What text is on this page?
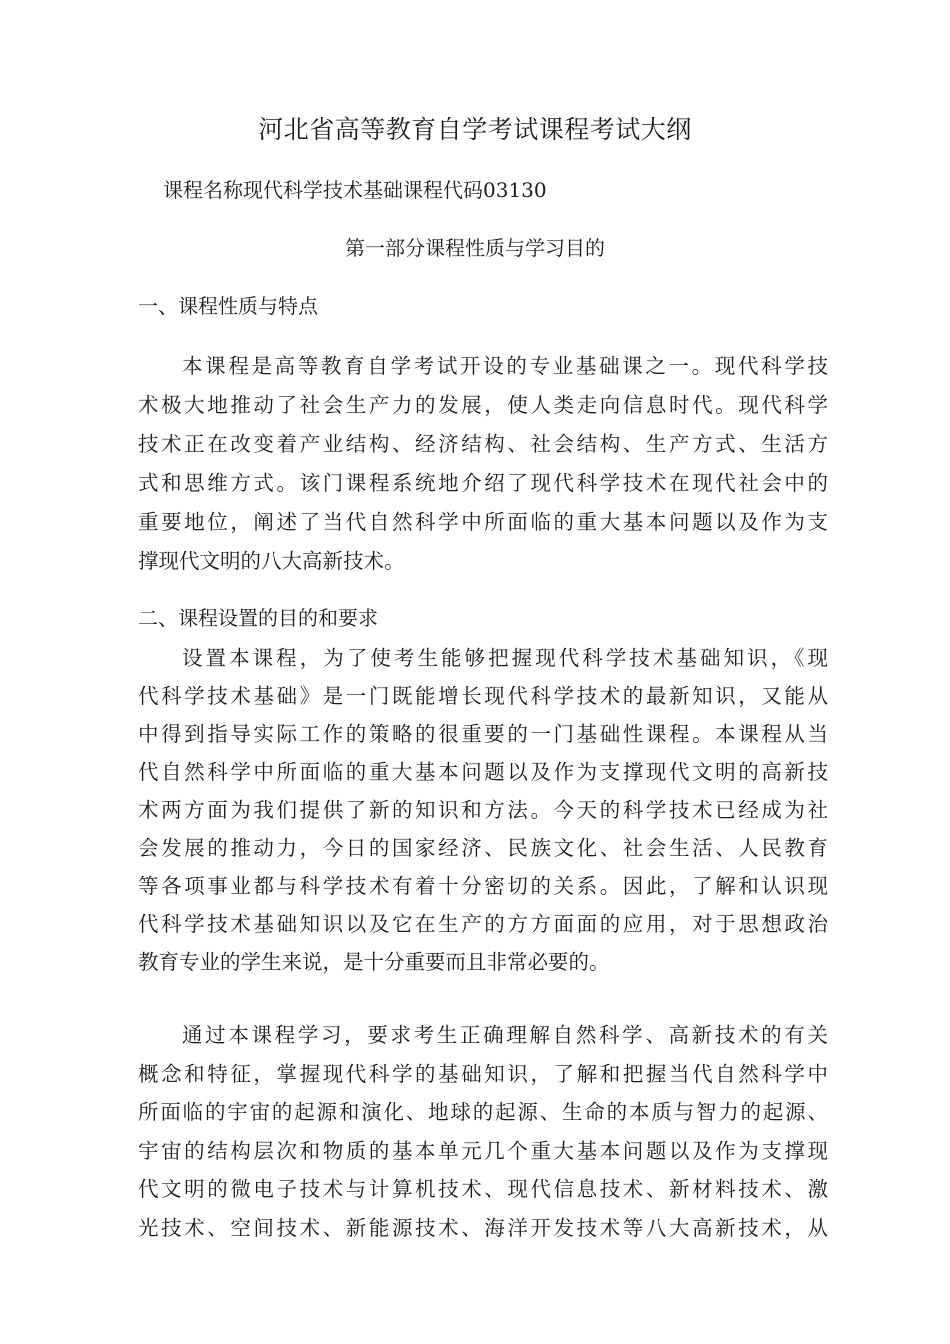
河北省高等教育自学考试课程考试大纲
课程名称现代科学技术基础课程代码03130
第一部分课程性质与学习目的
一、课程性质与特点
本课程是高等教育自学考试开设的专业基础课之一。现代科学技
术极大地推动了社会生产力的发展，使人类走向信息时代。现代科学
技术正在改变着产业结构、经济结构、社会结构、生产方式、生活方
式和思维方式。该门课程系统地介绍了现代科学技术在现代社会中的
重要地位，阐述了当代自然科学中所面临的重大基本问题以及作为支
撑现代文明的八大高新技术。
二、课程设置的目的和要求
设置本课程，为了使考生能够把握现代科学技术基础知识，《现
代科学技术基础》是一门既能增长现代科学技术的最新知识，又能从
中得到指导实际工作的策略的很重要的一门基础性课程。本课程从当
代自然科学中所面临的重大基本问题以及作为支撑现代文明的高新技
术两方面为我们提供了新的知识和方法。今天的科学技术已经成为社
会发展的推动力，今日的国家经济、民族文化、社会生活、人民教育
等各项事业都与科学技术有着十分密切的关系。因此，了解和认识现
代科学技术基础知识以及它在生产的方方面面的应用，对于思想政治
教育专业的学生来说，是十分重要而且非常必要的。
通过本课程学习，要求考生正确理解自然科学、高新技术的有关
概念和特征，掌握现代科学的基础知识，了解和把握当代自然科学中
所面临的宇宙的起源和演化、地球的起源、生命的本质与智力的起源、
宇宙的结构层次和物质的基本单元几个重大基本问题以及作为支撑现
代文明的微电子技术与计算机技术、现代信息技术、新材料技术、激
光技术、空间技术、新能源技术、海洋开发技术等八大高新技术，从
